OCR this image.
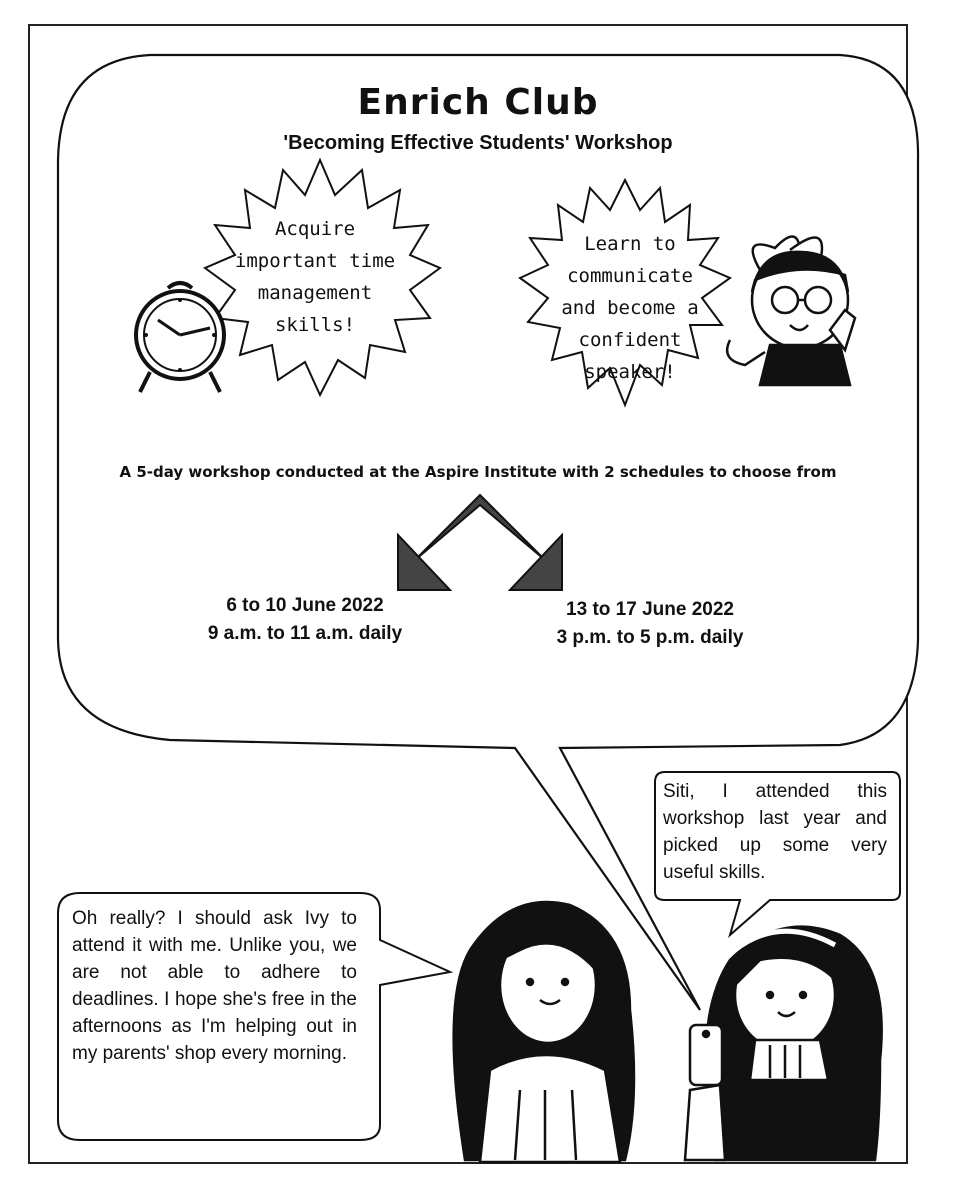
Enrich Club
'Becoming Effective Students' Workshop
Acquire
important time
management
skills!
Learn to
communicate
and become a
confident
speaker!
A 5-day workshop conducted at the Aspire Institute with 2 schedules to choose from
6 to 10 June 2022
9 a.m. to 11 a.m. daily
13 to 17 June 2022
3 p.m. to 5 p.m. daily
Siti, I attended this workshop last year and picked up some very useful skills.
Oh really? I should ask Ivy to attend it with me. Unlike you, we are not able to adhere to deadlines. I hope she's free in the afternoons as I'm helping out in my parents' shop every morning.
